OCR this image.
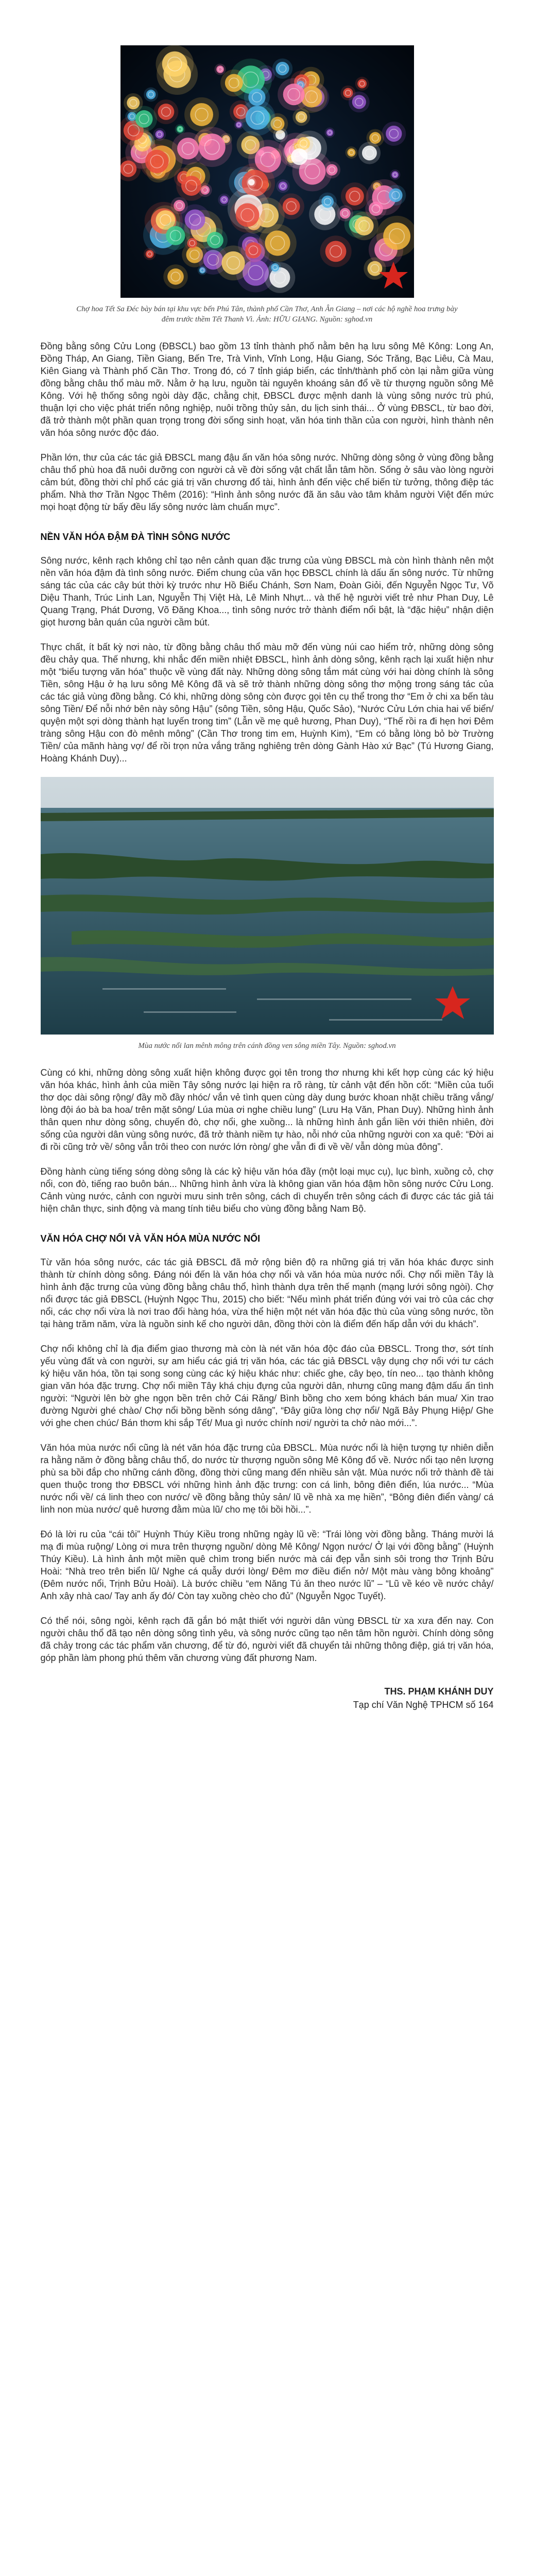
Chợ hoa Tết Sa Đéc bày bán tại khu vực bến Phú Tân, thành phố Cần Thơ, Anh Ân Giang – nơi các hộ nghề hoa trưng bày
đêm trước thềm Tết Thanh Vì. Ảnh: HỮU GIANG. Nguồn: sghod.vn

Đồng bằng sông Cửu Long (ĐBSCL) bao gồm 13 tỉnh thành phố nằm bên hạ lưu sông Mê Kông: Long An, Đồng Tháp, An Giang, Tiền Giang, Bến Tre, Trà Vinh, Vĩnh Long, Hậu Giang, Sóc Trăng, Bạc Liêu, Cà Mau, Kiên Giang và Thành phố Cần Thơ. Trong đó, có 7 tỉnh giáp biển, các tỉnh/thành phố còn lại nằm giữa vùng đồng bằng châu thổ màu mỡ. Nằm ở hạ lưu, nguồn tài nguyên khoáng sản đổ về từ thượng nguồn sông Mê Kông. Với hệ thống sông ngòi dày đặc, chằng chịt, ĐBSCL được mệnh danh là vùng sông nước trù phú, thuận lợi cho việc phát triển nông nghiệp, nuôi trồng thủy sản, du lịch sinh thái... Ở vùng ĐBSCL, từ bao đời, đã trở thành một phần quan trọng trong đời sống sinh hoạt, văn hóa tinh thần của con người, hình thành nên văn hóa sông nước độc đáo.

Phần lớn, thư của các tác giả ĐBSCL mang đậu ấn văn hóa sông nước. Những dòng sông ở vùng đồng bằng châu thổ phù hoa đã nuôi dưỡng con người cả về đời sống vật chất lẫn tâm hồn. Sống ở sâu vào lòng người cảm bút, đồng thời chỉ phổ các giá trị văn chương đổ tài, hình ảnh đến việc chế biến từ tưởng, thông điệp tác phẩm. Nhà thơ Trần Ngọc Thêm (2016): “Hình ảnh sông nước đã ăn sâu vào tâm khảm người Việt đến mức mọi hoạt động từ bấy đều lấy sông nước làm chuẩn mực”.

NỀN VĂN HÓA ĐẬM ĐÀ TÌNH SÔNG NƯỚC

Sông nước, kênh rạch không chỉ tạo nên cảnh quan đặc trưng của vùng ĐBSCL mà còn hình thành nên một nền văn hóa đậm đà tình sông nước. Điểm chung của văn học ĐBSCL chính là dấu ấn sông nước. Từ những sáng tác của các cây bút thời kỳ trước như Hồ Biểu Chánh, Sơn Nam, Đoàn Giỏi, đến Nguyễn Ngọc Tư, Võ Diệu Thanh, Trúc Linh Lan, Nguyễn Thị Việt Hà, Lê Minh Nhựt... và thế hệ người viết trẻ như Phan Duy, Lê Quang Trạng, Phát Dương, Võ Đăng Khoa..., tình sông nước trở thành điểm nổi bật, là “đặc hiệu” nhận diện giọt hương bản quán của người cầm bút.

Thực chất, ít bất kỳ nơi nào, từ đồng bằng châu thổ màu mỡ đến vùng núi cao hiểm trở, những dòng sông đều chảy qua. Thế nhưng, khi nhắc đến miền nhiệt ĐBSCL, hình ảnh dòng sông, kênh rạch lại xuất hiện như một “biểu tượng văn hóa” thuộc về vùng đất này. Những dòng sông tắm mát cùng với hai dòng chính là sông Tiền, sông Hậu ở hạ lưu sông Mê Kông đã và sẽ trở thành những dòng sông thơ mộng trong sáng tác của các tác giả vùng đồng bằng. Có khi, những dòng sông còn được gọi tên cụ thể trong thơ “Em ở chi xa bến tàu sông Tiền/ Để nỗi nhớ bên này sông Hậu” (sông Tiền, sông Hậu, Quốc Sảo), “Nước Cửu Lớn chia hai vế biển/ quyện một sợi dòng thành hạt luyến trong tim” (Lẫn về mẹ quê hương, Phan Duy), “Thế rồi ra đi hẹn hơi Đêm tràng sông Hậu con đò mênh mông” (Cần Thơ trong tim em, Huỳnh Kim), “Em có bằng lòng bỏ bờ Trường Tiền/ của mãnh hàng vợ/ để rồi trọn nửa vắng trăng nghiêng trên dòng Gành Hào xứ Bạc” (Tú Hương Giang, Hoàng Khánh Duy)...

Mùa nước nổi lan mênh mông trên cánh đồng ven sông miền Tây. Nguồn: sghod.vn

Cùng có khi, những dòng sông xuất hiện không được gọi tên trong thơ nhưng khi kết hợp cùng các ký hiệu văn hóa khác, hình ảnh của miền Tây sông nước lại hiện ra rõ ràng, từ cảnh vật đến hồn cốt: “Miền của tuổi thơ dọc dài sông rộng/ đầy mồ đầy nhóc/ vắn vẻ tình quen cùng dày dung bước khoan nhặt chiều trăng vắng/ lòng đội áo bà ba hoa/ trên mặt sông/ Lúa mùa ơi nghe chiều lung” (Lưu Hạ Văn, Phan Duy). Những hình ảnh thân quen như dòng sông, chuyến đò, chợ nổi, ghe xuồng... là những hình ảnh gắn liền với thiên nhiên, đời sống của người dân vùng sông nước, đã trở thành niềm tự hào, nỗi nhớ của những người con xa quê: “Đời ai đi rồi cũng trở về/ sông vẫn trôi theo con nước lớn ròng/ ghe vẫn đi đi về về/ vẫn dòng mùa đông”.

Đồng hành cùng tiếng sóng dòng sông là các kỷ hiệu văn hóa đầy (một loại mục cụ), lục bình, xuồng cỏ, chợ nổi, con đò, tiếng rao buôn bán... Những hình ảnh vừa là không gian văn hóa đậm hồn sông nước Cửu Long. Cảnh vùng nước, cảnh con người mưu sinh trên sông, cách dì chuyển trên sông cách đi được các tác giả tái hiện chân thực, sinh động và mang tính tiêu biểu cho vùng đồng bằng Nam Bộ.

VĂN HÓA CHỢ NỔI VÀ VĂN HÓA MÙA NƯỚC NỔI

Từ văn hóa sông nước, các tác giả ĐBSCL đã mở rộng biên độ ra những giá trị văn hóa khác được sinh thành từ chính dòng sông. Đáng nói đến là văn hóa chợ nổi và văn hóa mùa nước nổi. Chợ nổi miền Tây là hình ảnh đặc trưng của vùng đồng bằng châu thổ, hình thành dựa trên thế mạnh (mạng lưới sông ngòi). Chợ nổi được tác giả ĐBSCL (Huỳnh Ngọc Thu, 2015) cho biết: “Nếu mình phát triển đúng với vai trò của các chợ nổi, các chợ nổi vừa là nơi trao đổi hàng hóa, vừa thể hiện một nét văn hóa đặc thù của vùng sông nước, tồn tại hàng trăm năm, vừa là nguồn sinh kế cho người dân, đồng thời còn là điểm đến hấp dẫn với du khách”.

Chợ nổi không chỉ là địa điểm giao thương mà còn là nét văn hóa độc đáo của ĐBSCL. Trong thơ, sớt tính yếu vùng đất và con người, sự am hiểu các giá trị văn hóa, các tác giả ĐBSCL vậy dụng chợ nổi với tư cách ký hiệu văn hóa, tồn tại song song cùng các ký hiệu khác như: chiếc ghe, cây bẹo, tín neo... tạo thành không gian văn hóa đặc trưng. Chợ nổi miền Tây khá chịu đựng của người dân, nhưng cũng mang đậm dấu ấn tình người: “Người lên bờ ghe ngọn bền trên chở Cái Răng/ Bình bồng cho xem bóng khách bán mua/ Xin trao đường Người ghé chào/ Chợ nổi bồng bềnh sóng dâng”, “Đây giữa lòng chợ nổi/ Ngã Bảy Phụng Hiệp/ Ghe với ghe chen chúc/ Bán thơm khi sắp Tết/ Mua gì nước chính nơi/ người ta chở nào mới...”.

Văn hóa mùa nước nổi cũng là nét văn hóa đặc trưng của ĐBSCL. Mùa nước nổi là hiện tượng tự nhiên diễn ra hằng năm ở đồng bằng châu thổ, do nước từ thượng nguồn sông Mê Kông đổ về. Nước nổi tạo nên lượng phù sa bồi đắp cho những cánh đồng, đồng thời cũng mang đến nhiều sản vật. Mùa nước nổi trở thành đề tài quen thuộc trong thơ ĐBSCL với những hình ảnh đặc trưng: con cá linh, bông điên điển, lúa nước... “Mùa nước nổi về/ cá linh theo con nước/ về đồng bằng thủy sản/ lũ về nhà xa mẹ hiền”, “Bông điên điển vàng/ cá linh non mùa nước/ quê hương đằm mùa lũ/ cho mẹ tôi bồi hồi...”.

Đó là lời ru của “cái tôi” Huỳnh Thúy Kiều trong những ngày lũ về: “Trái lòng vời đồng bằng. Tháng mười lá mạ đi mùa ruộng/ Lòng ơi mưa trên thượng nguồn/ dòng Mê Kông/ Ngọn nước/ Ở lại với đồng bằng” (Huỳnh Thúy Kiều). Là hình ảnh một miền quê chìm trong biển nước mà cái đẹp vẫn sinh sôi trong thơ Trịnh Bửu Hoài: “Nhà treo trên biển lũ/ Nghe cá quẫy dưới lòng/ Đêm mơ điều điển nở/ Một màu vàng bông khoảng” (Đêm nước nổi, Trịnh Bửu Hoài). Là bước chiều “em Năng Tú ăn theo nước lũ” – “Lũ về kéo về nước chảy/ Anh xây nhà cao/ Tay anh ấy đó/ Còn tay xuồng chèo cho đủ” (Nguyễn Ngọc Tuyết).

Có thể nói, sông ngòi, kênh rạch đã gắn bó mật thiết với người dân vùng ĐBSCL từ xa xưa đến nay. Con người châu thổ đã tạo nên dòng sông tình yêu, và sông nước cũng tạo nên tâm hồn người. Chính dòng sông đã chảy trong các tác phẩm văn chương, để từ đó, người viết đã chuyển tải những thông điệp, giá trị văn hóa, góp phần làm phong phú thêm văn chương vùng đất phương Nam.

THS. PHẠM KHÁNH DUY
Tạp chí Văn Nghệ TPHCM số 164
